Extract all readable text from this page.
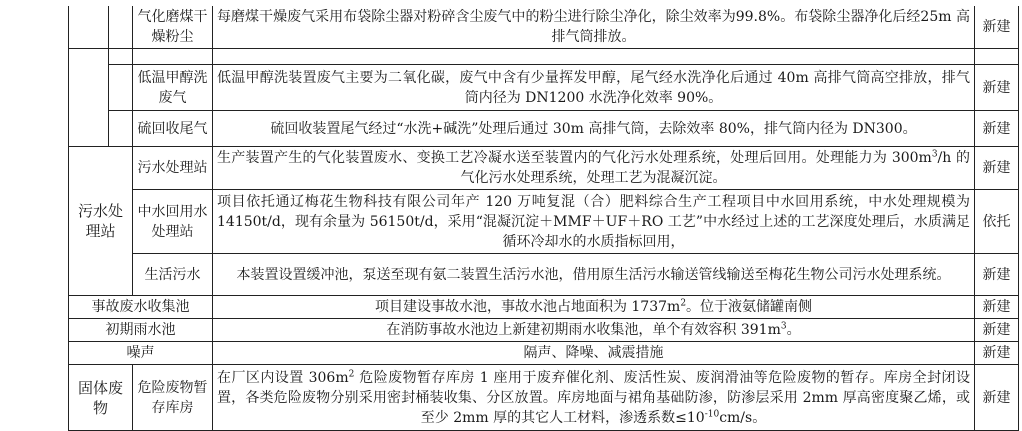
		气化磨煤干燥粉尘	每磨煤干燥废气采用布袋除尘器对粉碎含尘废气中的粉尘进行除尘净化，除尘效率为99.8%。布袋除尘器净化后经25m 高排气筒排放。	新建

		低温甲醇洗废气	低温甲醇洗装置废气主要为二氧化碳，废气中含有少量挥发甲醇，尾气经水洗净化后通过 40m 高排气筒高空排放，排气筒内径为 DN1200 水洗净化效率 90%。	新建
		硫回收尾气	硫回收装置尾气经过“水洗+碱洗”处理后通过 30m 高排气筒，去除效率 80%，排气筒内径为 DN300。	新建
污水处理站		污水处理站	生产装置产生的气化装置废水、变换工艺冷凝水送至装置内的气化污水处理系统，处理后回用。处理能力为 $300m^3/h$ 的气化污水处理系统，处理工艺为混凝沉淀。	新建
		中水回用水处理站	项目依托通辽梅花生物科技有限公司年产 120 万吨复混（合）肥料综合生产工程项目中水回用系统，中水处理规模为 14150t/d，现有余量为 56150t/d，采用“混凝沉淀＋MMF＋UF＋RO 工艺”中水经过上述的工艺深度处理后，水质满足循环冷却水的水质指标回用，	依托
		生活污水	本装置设置缓冲池，泵送至现有氨二装置生活污水池，借用原生活污水输送管线输送至梅花生物公司污水处理系统。	新建
事故废水收集池			项目建设事故水池，事故水池占地面积为 $1737m^2$。位于液氨储罐南侧	新建
初期雨水池			在消防事故水池边上新建初期雨水收集池，单个有效容积 $391m^3$。	新建
噪声			隔声、降噪、减震措施	新建
固体废物		危险废物暂存库房	在厂区内设置 $306m^2$ 危险废物暂存库房 1 座用于废弃催化剂、废活性炭、废润滑油等危险废物的暂存。库房全封闭设置，各类危险废物分别采用密封桶装收集、分区放置。库房地面与裙角基础防渗，防渗层采用 2mm 厚高密度聚乙烯，或至少 2mm 厚的其它人工材料，渗透系数$\le 10^{-10}cm/s$。	新建
